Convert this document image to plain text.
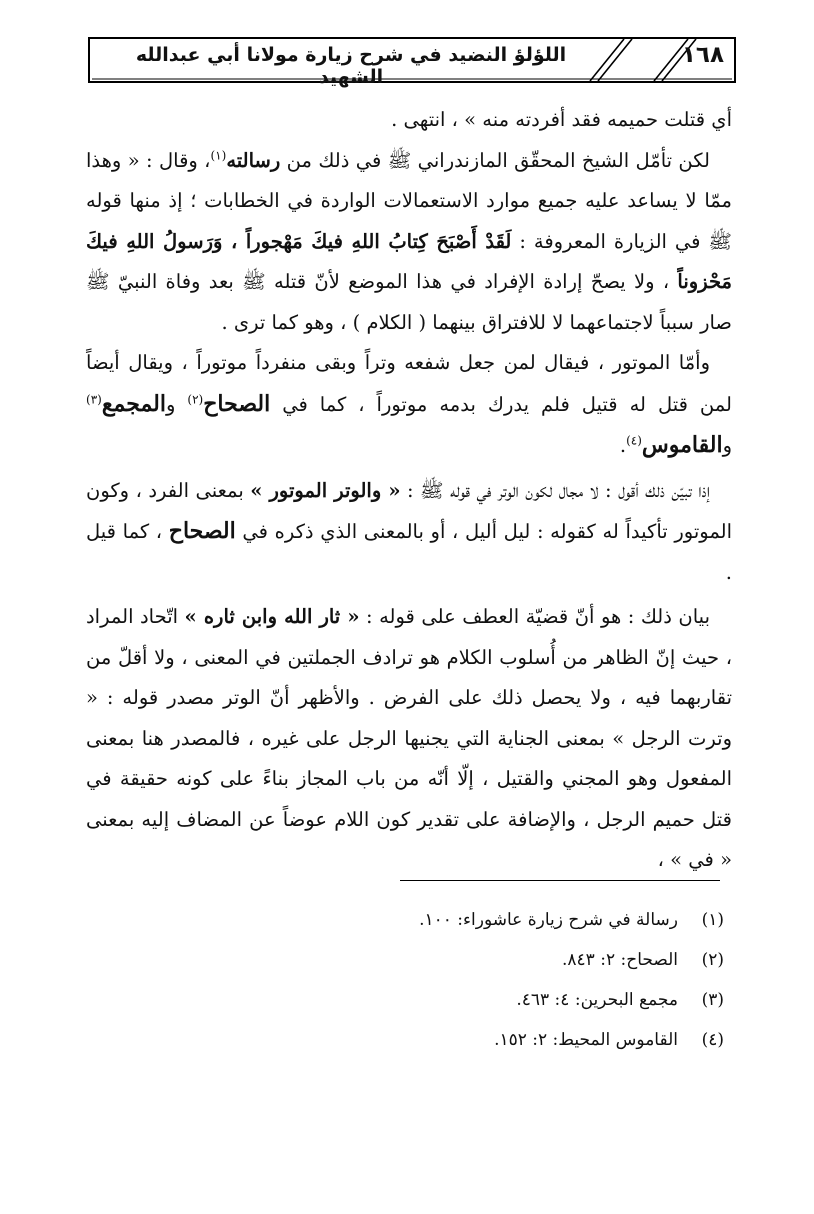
اللؤلؤ النضيد في شرح زيارة مولانا أبي عبدالله الشهيد
١٦٨

أي قتلت حميمه فقد أفردته منه » ، انتهى .

لكن تأمّل الشيخ المحقّق المازندراني ﷺ في ذلك من رسالته$^{(١)}$، وقال : « وهذا ممّا لا يساعد عليه جميع موارد الاستعمالات الواردة في الخطابات ؛ إذ منها قوله ﷺ في الزيارة المعروفة : لَقَدْ أَصْبَحَ كِتابُ اللهِ فيكَ مَهْجوراً ، وَرَسولُ اللهِ فيكَ مَحْزوناً ، ولا يصحّ إرادة الإفراد في هذا الموضع لأنّ قتله ﷺ بعد وفاة النبيّ ﷺ صار سبباً لاجتماعهما لا للافتراق بينهما ( الكلام ) ، وهو كما ترى .

وأمّا الموتور ، فيقال لمن جعل شفعه وتراً وبقى منفرداً موتوراً ، ويقال أيضاً لمن قتل له قتيل فلم يدرك بدمه موتوراً ، كما في الصحاح$^{(٢)}$ والمجمع$^{(٣)}$ والقاموس$^{(٤)}$.

إذا تبيّن ذلك أقول : لا مجال لكون الوتر في قوله ﷺ : « والوتر الموتور » بمعنى الفرد ، وكون الموتور تأكيداً له كقوله : ليل أليل ، أو بالمعنى الذي ذكره في الصحاح ، كما قيل .

بيان ذلك : هو أنّ قضيّة العطف على قوله : « ثار الله وابن ثاره » اتّحاد المراد ، حيث إنّ الظاهر من أُسلوب الكلام هو ترادف الجملتين في المعنى ، ولا أقلّ من تقاربهما فيه ، ولا يحصل ذلك على الفرض . والأظهر أنّ الوتر مصدر قوله : « وترت الرجل » بمعنى الجناية التي يجنيها الرجل على غيره ، فالمصدر هنا بمعنى المفعول وهو المجني والقتيل ، إلّا أنّه من باب المجاز بناءً على كونه حقيقة في قتل حميم الرجل ، والإضافة على تقدير كون اللام عوضاً عن المضاف إليه بمعنى « في » ،

(١)رسالة في شرح زيارة عاشوراء: ١٠٠.
(٢)الصحاح: ٢: ٨٤٣.
(٣)مجمع البحرين: ٤: ٤٦٣.
(٤)القاموس المحيط: ٢: ١٥٢.
